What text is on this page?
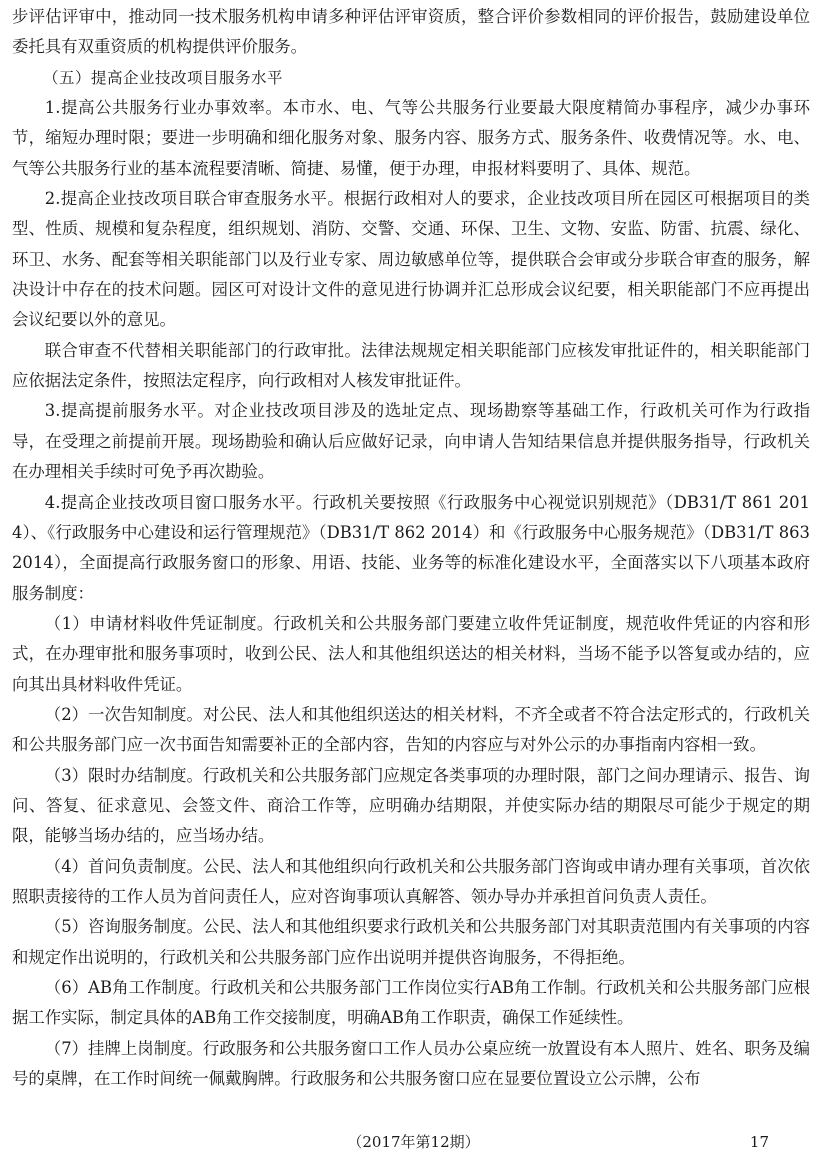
步评估评审中，推动同一技术服务机构申请多种评估评审资质，整合评价参数相同的评价报告，鼓励建设单位委托具有双重资质的机构提供评价服务。

（五）提高企业技改项目服务水平

1.提高公共服务行业办事效率。本市水、电、气等公共服务行业要最大限度精简办事程序，减少办事环节，缩短办理时限；要进一步明确和细化服务对象、服务内容、服务方式、服务条件、收费情况等。水、电、气等公共服务行业的基本流程要清晰、简捷、易懂，便于办理，申报材料要明了、具体、规范。

2.提高企业技改项目联合审查服务水平。根据行政相对人的要求，企业技改项目所在园区可根据项目的类型、性质、规模和复杂程度，组织规划、消防、交警、交通、环保、卫生、文物、安监、防雷、抗震、绿化、环卫、水务、配套等相关职能部门以及行业专家、周边敏感单位等，提供联合会审或分步联合审查的服务，解决设计中存在的技术问题。园区可对设计文件的意见进行协调并汇总形成会议纪要，相关职能部门不应再提出会议纪要以外的意见。

联合审查不代替相关职能部门的行政审批。法律法规规定相关职能部门应核发审批证件的，相关职能部门应依据法定条件，按照法定程序，向行政相对人核发审批证件。

3.提高提前服务水平。对企业技改项目涉及的选址定点、现场勘察等基础工作，行政机关可作为行政指导，在受理之前提前开展。现场勘验和确认后应做好记录，向申请人告知结果信息并提供服务指导，行政机关在办理相关手续时可免予再次勘验。

4.提高企业技改项目窗口服务水平。行政机关要按照《行政服务中心视觉识别规范》（DB31/T 861 2014）、《行政服务中心建设和运行管理规范》（DB31/T 862 2014）和《行政服务中心服务规范》（DB31/T 863 2014），全面提高行政服务窗口的形象、用语、技能、业务等的标准化建设水平，全面落实以下八项基本政府服务制度：

（1）申请材料收件凭证制度。行政机关和公共服务部门要建立收件凭证制度，规范收件凭证的内容和形式，在办理审批和服务事项时，收到公民、法人和其他组织送达的相关材料，当场不能予以答复或办结的，应向其出具材料收件凭证。

（2）一次告知制度。对公民、法人和其他组织送达的相关材料，不齐全或者不符合法定形式的，行政机关和公共服务部门应一次书面告知需要补正的全部内容，告知的内容应与对外公示的办事指南内容相一致。

（3）限时办结制度。行政机关和公共服务部门应规定各类事项的办理时限，部门之间办理请示、报告、询问、答复、征求意见、会签文件、商洽工作等，应明确办结期限，并使实际办结的期限尽可能少于规定的期限，能够当场办结的，应当场办结。

（4）首问负责制度。公民、法人和其他组织向行政机关和公共服务部门咨询或申请办理有关事项，首次依照职责接待的工作人员为首问责任人，应对咨询事项认真解答、领办导办并承担首问负责人责任。

（5）咨询服务制度。公民、法人和其他组织要求行政机关和公共服务部门对其职责范围内有关事项的内容和规定作出说明的，行政机关和公共服务部门应作出说明并提供咨询服务，不得拒绝。

（6）AB角工作制度。行政机关和公共服务部门工作岗位实行AB角工作制。行政机关和公共服务部门应根据工作实际，制定具体的AB角工作交接制度，明确AB角工作职责，确保工作延续性。

（7）挂牌上岗制度。行政服务和公共服务窗口工作人员办公桌应统一放置设有本人照片、姓名、职务及编号的桌牌，在工作时间统一佩戴胸牌。行政服务和公共服务窗口应在显要位置设立公示牌，公布

（2017年第12期）	17
